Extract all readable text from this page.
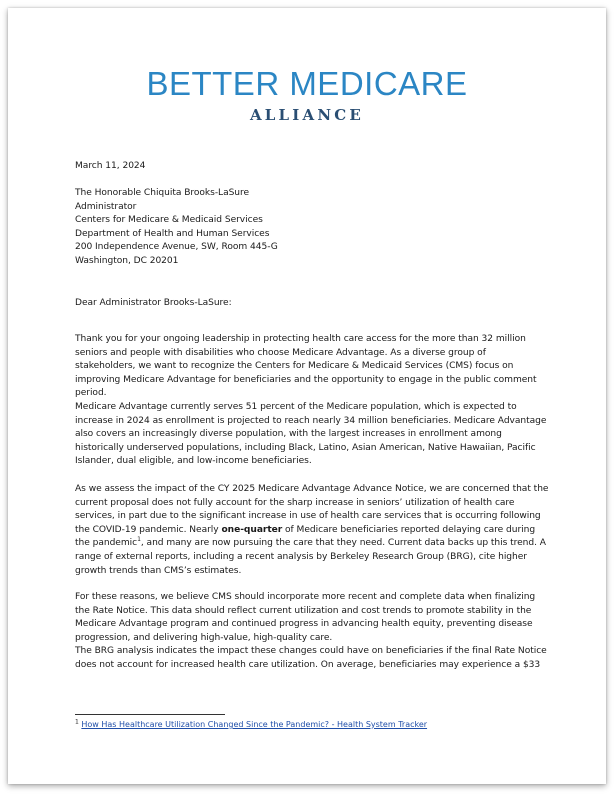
BETTER MEDICARE
ALLIANCE
March 11, 2024
The Honorable Chiquita Brooks-LaSure
Administrator
Centers for Medicare & Medicaid Services
Department of Health and Human Services
200 Independence Avenue, SW, Room 445-G
Washington, DC 20201
Dear Administrator Brooks-LaSure:

Thank you for your ongoing leadership in protecting health care access for the more than 32 million seniors and people with disabilities who choose Medicare Advantage. As a diverse group of stakeholders, we want to recognize the Centers for Medicare & Medicaid Services (CMS) focus on improving Medicare Advantage for beneficiaries and the opportunity to engage in the public comment period.

Medicare Advantage currently serves 51 percent of the Medicare population, which is expected to increase in 2024 as enrollment is projected to reach nearly 34 million beneficiaries. Medicare Advantage also covers an increasingly diverse population, with the largest increases in enrollment among historically underserved populations, including Black, Latino, Asian American, Native Hawaiian, Pacific Islander, dual eligible, and low-income beneficiaries.

As we assess the impact of the CY 2025 Medicare Advantage Advance Notice, we are concerned that the current proposal does not fully account for the sharp increase in seniors’ utilization of health care services, in part due to the significant increase in use of health care services that is occurring following the COVID-19 pandemic. Nearly one-quarter of Medicare beneficiaries reported delaying care during the pandemic$^1$, and many are now pursuing the care that they need. Current data backs up this trend. A range of external reports, including a recent analysis by Berkeley Research Group (BRG), cite higher growth trends than CMS’s estimates.

For these reasons, we believe CMS should incorporate more recent and complete data when finalizing the Rate Notice. This data should reflect current utilization and cost trends to promote stability in the Medicare Advantage program and continued progress in advancing health equity, preventing disease progression, and delivering high-value, high-quality care.

The BRG analysis indicates the impact these changes could have on beneficiaries if the final Rate Notice does not account for increased health care utilization. On average, beneficiaries may experience a $33

$^1$ How Has Healthcare Utilization Changed Since the Pandemic? - Health System Tracker
